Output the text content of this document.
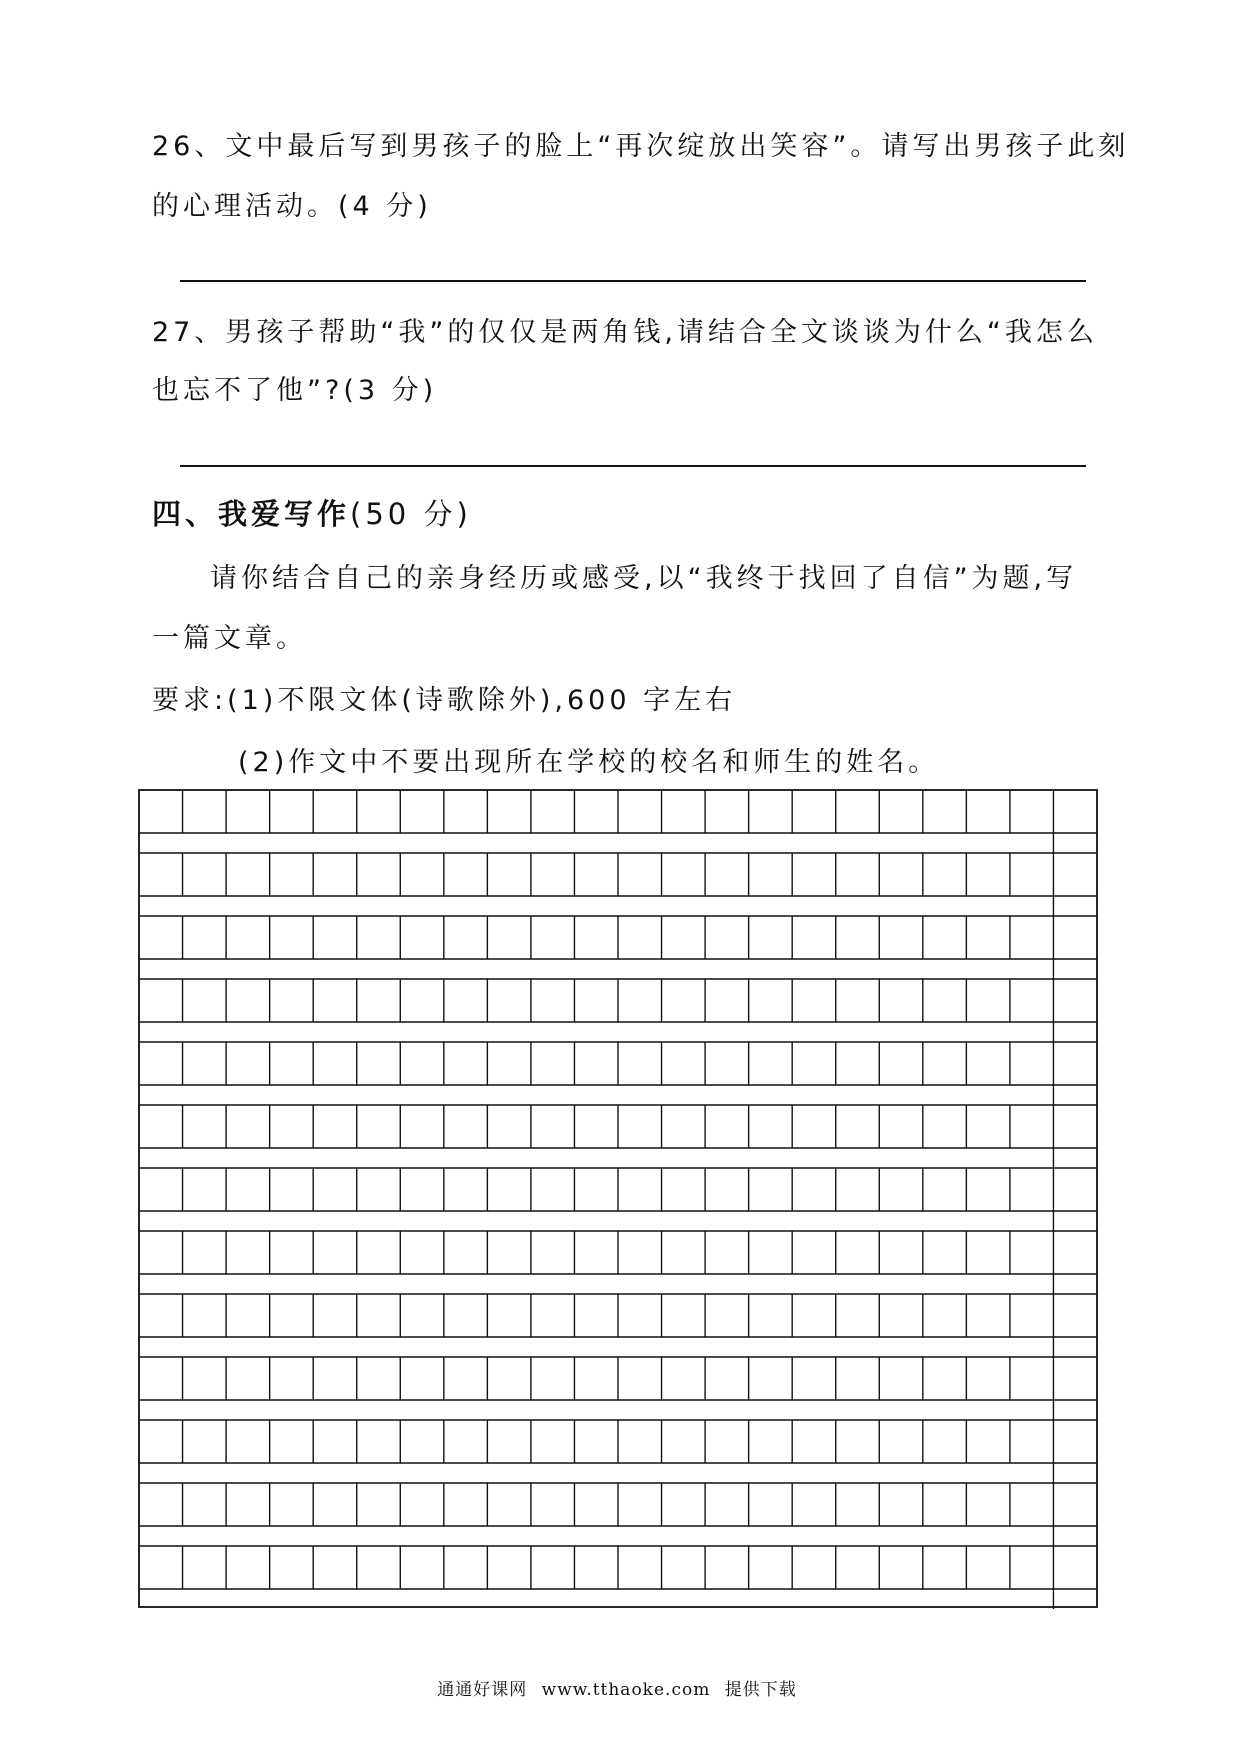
26、文中最后写到男孩子的脸上“再次绽放出笑容”。请写出男孩子此刻
的心理活动。(4 分)
27、男孩子帮助“我”的仅仅是两角钱,请结合全文谈谈为什么“我怎么
也忘不了他”?(3 分)
四、我爱写作(50 分)
请你结合自己的亲身经历或感受,以“我终于找回了自信”为题,写
一篇文章。
要求:(1)不限文体(诗歌除外),600 字左右
(2)作文中不要出现所在学校的校名和师生的姓名。
通通好课网 www.tthaoke.com 提供下载
